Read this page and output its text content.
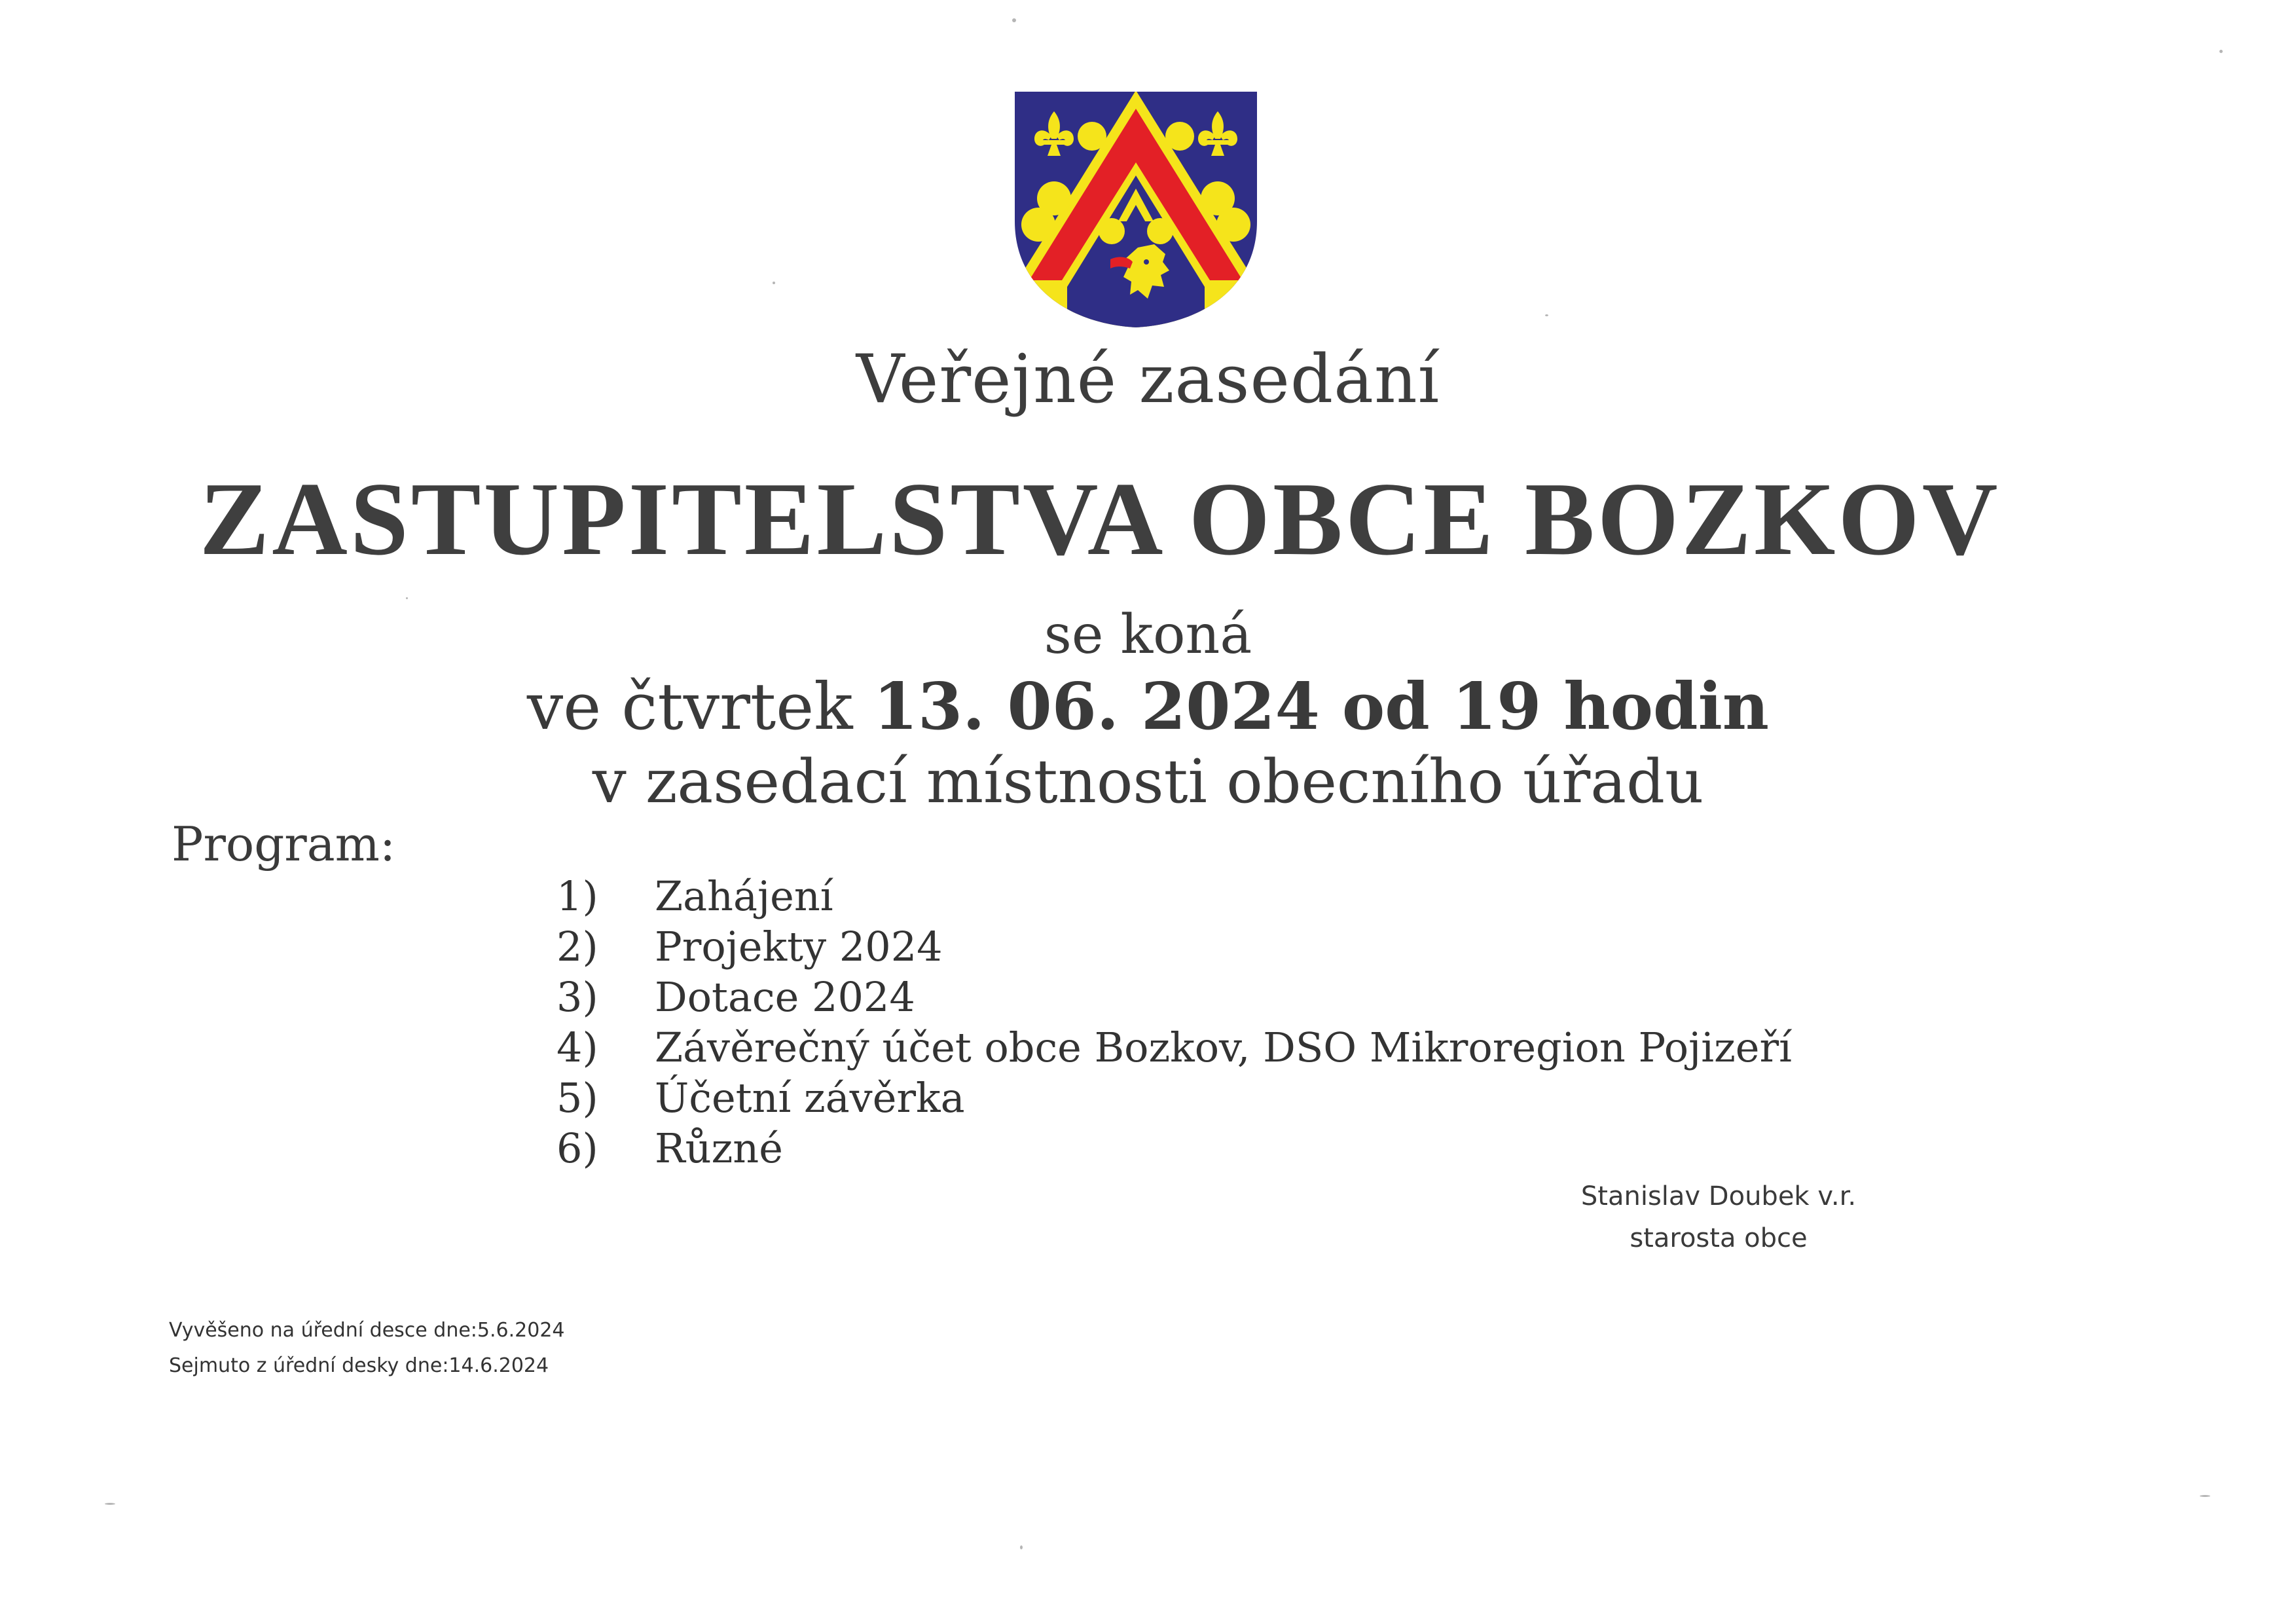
Veřejné zasedání
ZASTUPITELSTVA OBCE BOZKOV
se koná
ve čtvrtek 13. 06. 2024 od 19 hodin
v zasedací místnosti obecního úřadu
Program:
1) Zahájení
2) Projekty 2024
3) Dotace 2024
4) Závěrečný účet obce Bozkov, DSO Mikroregion Pojizeří
5) Účetní závěrka
6) Různé
Stanislav Doubek v.r.
starosta obce
Vyvěšeno na úřední desce dne:5.6.2024
Sejmuto z úřední desky dne:14.6.2024
